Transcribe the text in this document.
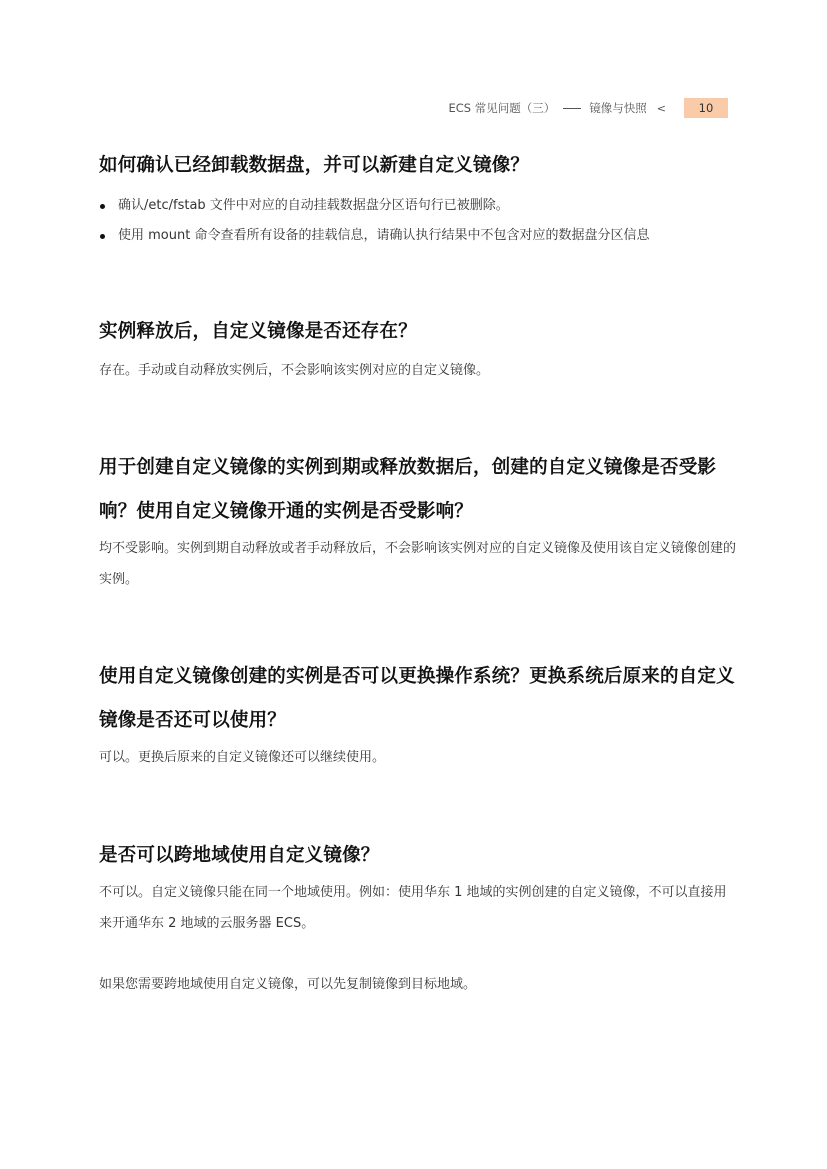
ECS 常见问题（三）	镜像与快照 <	10
如何确认已经卸载数据盘，并可以新建自定义镜像？
确认/etc/fstab 文件中对应的自动挂载数据盘分区语句行已被删除。
使用 mount 命令查看所有设备的挂载信息，请确认执行结果中不包含对应的数据盘分区信息
实例释放后，自定义镜像是否还存在？

存在。手动或自动释放实例后，不会影响该实例对应的自定义镜像。

用于创建自定义镜像的实例到期或释放数据后，创建的自定义镜像是否受影响？使用自定义镜像开通的实例是否受影响？

均不受影响。实例到期自动释放或者手动释放后，不会影响该实例对应的自定义镜像及使用该自定义镜像创建的实例。

使用自定义镜像创建的实例是否可以更换操作系统？更换系统后原来的自定义镜像是否还可以使用？

可以。更换后原来的自定义镜像还可以继续使用。

是否可以跨地域使用自定义镜像？

不可以。自定义镜像只能在同一个地域使用。例如：使用华东 1 地域的实例创建的自定义镜像，不可以直接用来开通华东 2 地域的云服务器 ECS。

如果您需要跨地域使用自定义镜像，可以先复制镜像到目标地域。
